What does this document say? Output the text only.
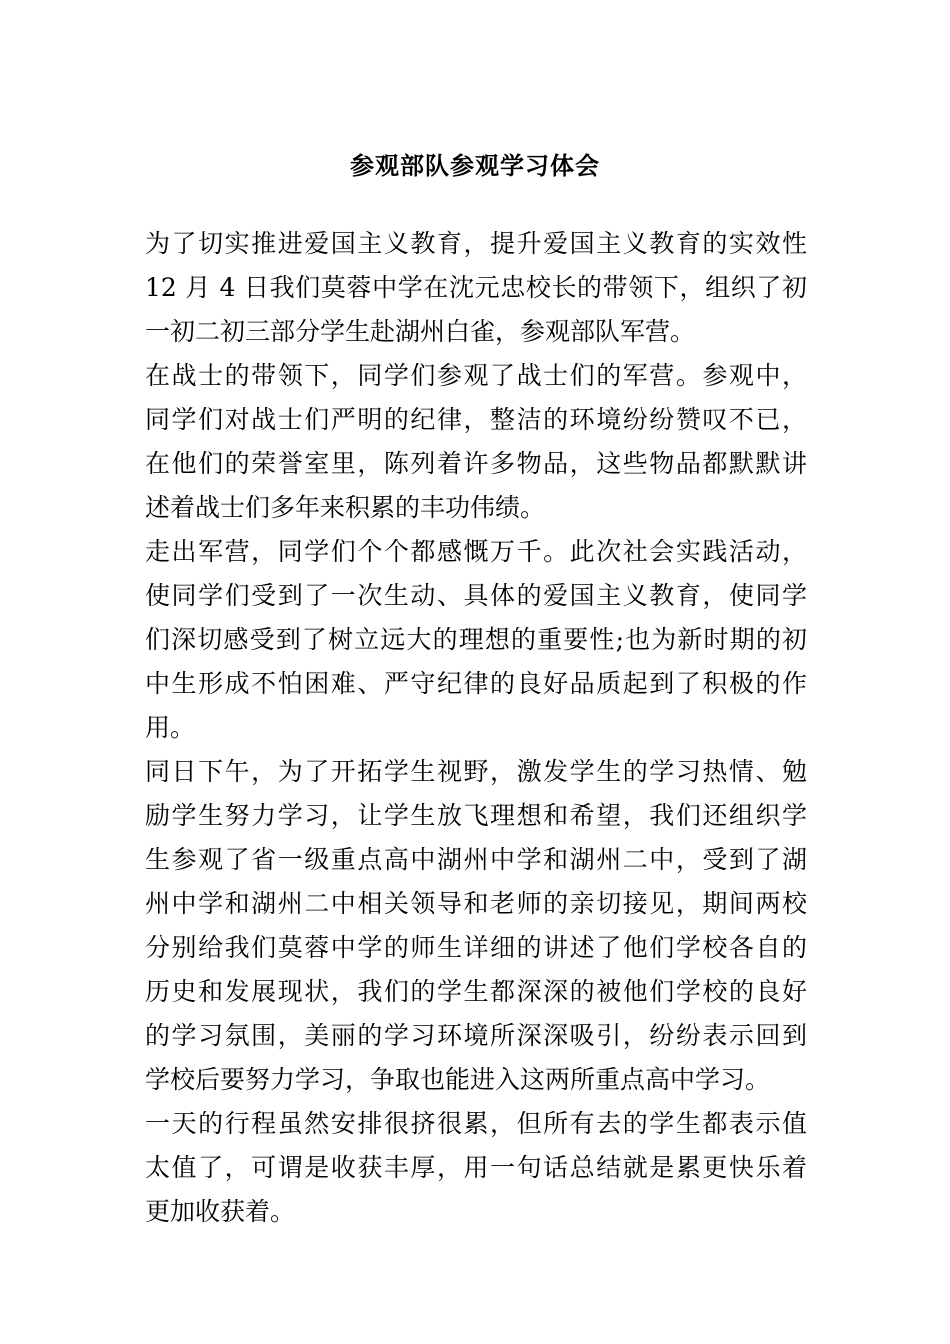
参观部队参观学习体会
为了切实推进爱国主义教育，提升爱国主义教育的实效性
12 月 4 日我们莫蓉中学在沈元忠校长的带领下，组织了初
一初二初三部分学生赴湖州白雀，参观部队军营。
在战士的带领下，同学们参观了战士们的军营。参观中，
同学们对战士们严明的纪律，整洁的环境纷纷赞叹不已，
在他们的荣誉室里，陈列着许多物品，这些物品都默默讲
述着战士们多年来积累的丰功伟绩。
走出军营，同学们个个都感慨万千。此次社会实践活动，
使同学们受到了一次生动、具体的爱国主义教育，使同学
们深切感受到了树立远大的理想的重要性;也为新时期的初
中生形成不怕困难、严守纪律的良好品质起到了积极的作
用。
同日下午，为了开拓学生视野，激发学生的学习热情、勉
励学生努力学习，让学生放飞理想和希望，我们还组织学
生参观了省一级重点高中湖州中学和湖州二中，受到了湖
州中学和湖州二中相关领导和老师的亲切接见，期间两校
分别给我们莫蓉中学的师生详细的讲述了他们学校各自的
历史和发展现状，我们的学生都深深的被他们学校的良好
的学习氛围，美丽的学习环境所深深吸引，纷纷表示回到
学校后要努力学习，争取也能进入这两所重点高中学习。
一天的行程虽然安排很挤很累，但所有去的学生都表示值
太值了，可谓是收获丰厚，用一句话总结就是累更快乐着
更加收获着。
